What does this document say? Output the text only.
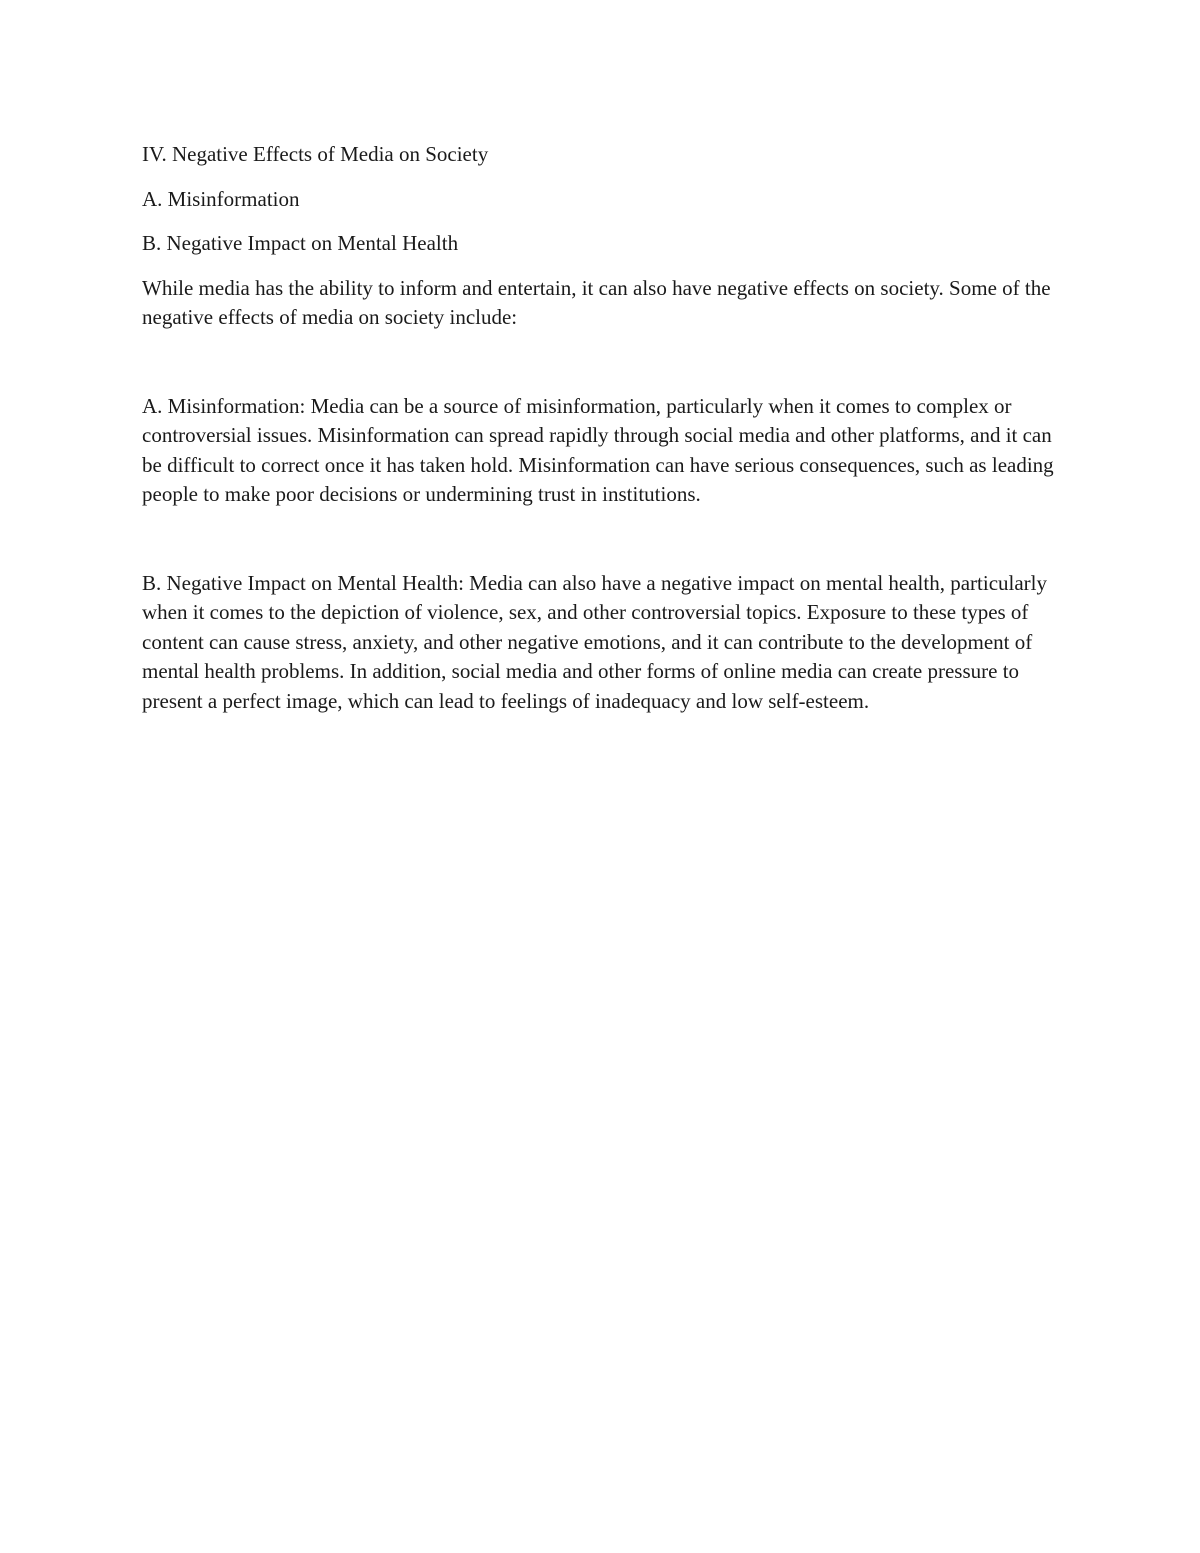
IV. Negative Effects of Media on Society

A. Misinformation

B. Negative Impact on Mental Health

While media has the ability to inform and entertain, it can also have negative effects on society. Some of the negative effects of media on society include:

A. Misinformation: Media can be a source of misinformation, particularly when it comes to complex or controversial issues. Misinformation can spread rapidly through social media and other platforms, and it can be difficult to correct once it has taken hold. Misinformation can have serious consequences, such as leading people to make poor decisions or undermining trust in institutions.

B. Negative Impact on Mental Health: Media can also have a negative impact on mental health, particularly when it comes to the depiction of violence, sex, and other controversial topics. Exposure to these types of content can cause stress, anxiety, and other negative emotions, and it can contribute to the development of mental health problems. In addition, social media and other forms of online media can create pressure to present a perfect image, which can lead to feelings of inadequacy and low self-esteem.
